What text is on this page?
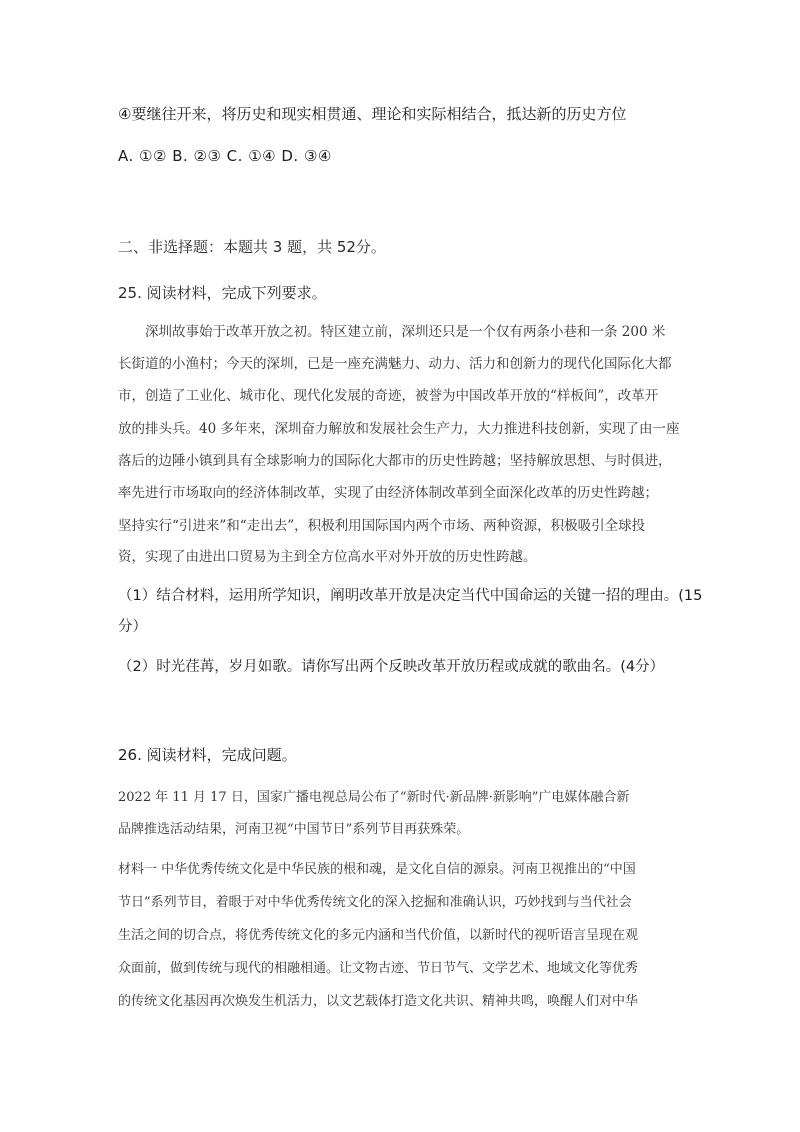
④要继往开来，将历史和现实相贯通、理论和实际相结合，抵达新的历史方位
A. ①② B. ②③ C. ①④ D. ③④
二、非选择题：本题共 3 题，共 52分。
25. 阅读材料，完成下列要求。
深圳故事始于改革开放之初。特区建立前，深圳还只是一个仅有两条小巷和一条 200 米
长街道的小渔村；今天的深圳，已是一座充满魅力、动力、活力和创新力的现代化国际化大都
市，创造了工业化、城市化、现代化发展的奇迹，被誉为中国改革开放的“样板间”，改革开
放的排头兵。40 多年来，深圳奋力解放和发展社会生产力，大力推进科技创新，实现了由一座
落后的边陲小镇到具有全球影响力的国际化大都市的历史性跨越；坚持解放思想、与时俱进，
率先进行市场取向的经济体制改革，实现了由经济体制改革到全面深化改革的历史性跨越；
坚持实行“引进来”和“走出去”，积极利用国际国内两个市场、两种资源，积极吸引全球投
资，实现了由进出口贸易为主到全方位高水平对外开放的历史性跨越。
（1）结合材料，运用所学知识，阐明改革开放是决定当代中国命运的关键一招的理由。(15
分）
（2）时光荏苒，岁月如歌。请你写出两个反映改革开放历程或成就的歌曲名。(4分）
26. 阅读材料，完成问题。
2022 年 11 月 17 日，国家广播电视总局公布了“新时代·新品牌·新影响”广电媒体融合新
品牌推选活动结果，河南卫视“中国节日”系列节目再获殊荣。
材料一 中华优秀传统文化是中华民族的根和魂，是文化自信的源泉。河南卫视推出的“中国
节日”系列节目，着眼于对中华优秀传统文化的深入挖掘和准确认识，巧妙找到与当代社会
生活之间的切合点，将优秀传统文化的多元内涵和当代价值，以新时代的视听语言呈现在观
众面前，做到传统与现代的相融相通。让文物古迹、节日节气、文学艺术、地域文化等优秀
的传统文化基因再次焕发生机活力，以文艺载体打造文化共识、精神共鸣，唤醒人们对中华
